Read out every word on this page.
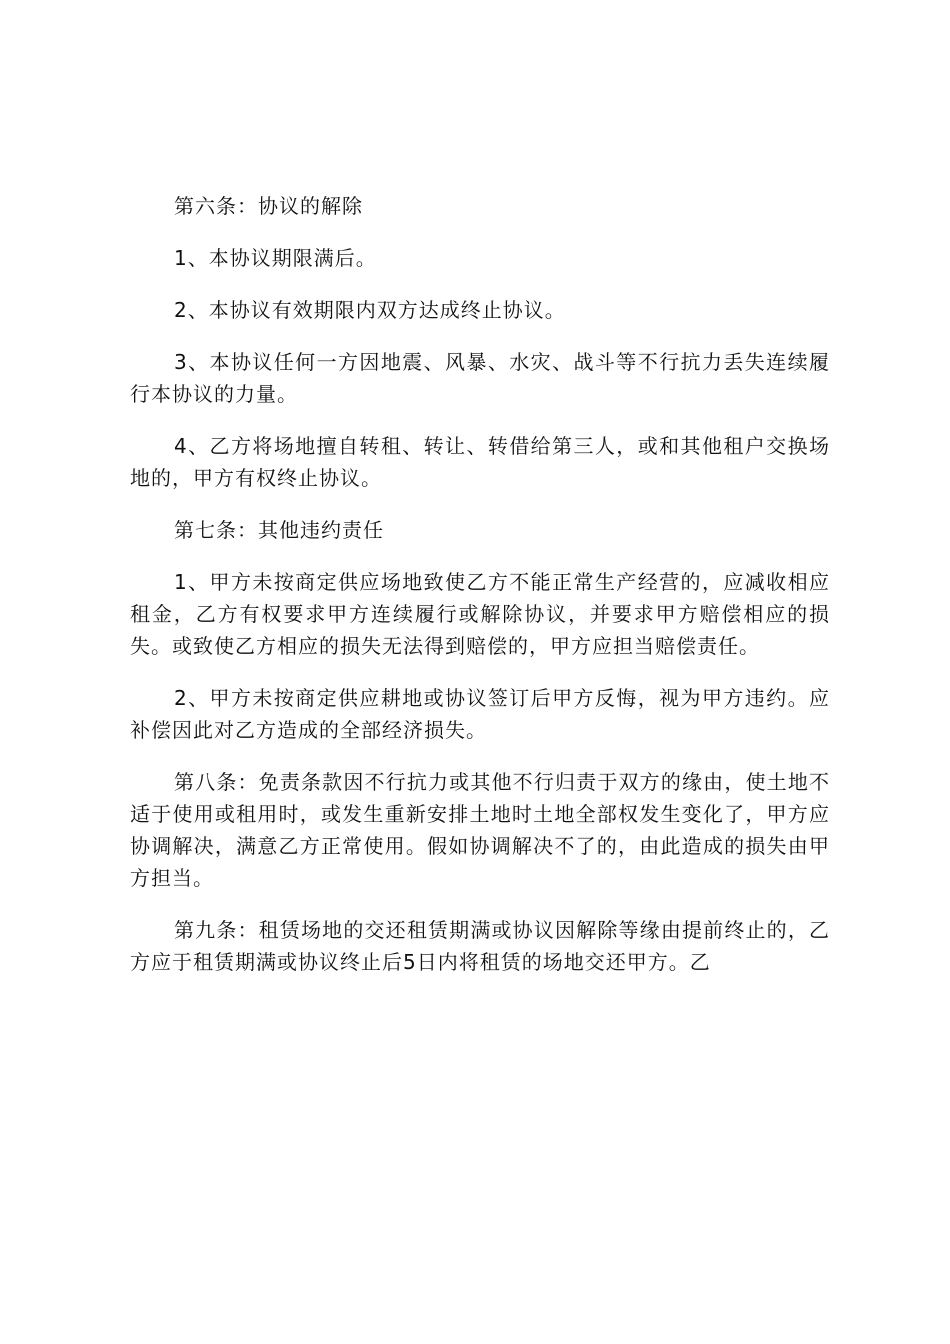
第六条：协议的解除

1、本协议期限满后。

2、本协议有效期限内双方达成终止协议。

3、本协议任何一方因地震、风暴、水灾、战斗等不行抗力丢失连续履行本协议的力量。

4、乙方将场地擅自转租、转让、转借给第三人，或和其他租户交换场地的，甲方有权终止协议。

第七条：其他违约责任

1、甲方未按商定供应场地致使乙方不能正常生产经营的，应减收相应租金，乙方有权要求甲方连续履行或解除协议，并要求甲方赔偿相应的损失。或致使乙方相应的损失无法得到赔偿的，甲方应担当赔偿责任。

2、甲方未按商定供应耕地或协议签订后甲方反悔，视为甲方违约。应补偿因此对乙方造成的全部经济损失。

第八条：免责条款因不行抗力或其他不行归责于双方的缘由，使土地不适于使用或租用时，或发生重新安排土地时土地全部权发生变化了，甲方应协调解决，满意乙方正常使用。假如协调解决不了的，由此造成的损失由甲方担当。

第九条：租赁场地的交还租赁期满或协议因解除等缘由提前终止的，乙方应于租赁期满或协议终止后5日内将租赁的场地交还甲方。乙
